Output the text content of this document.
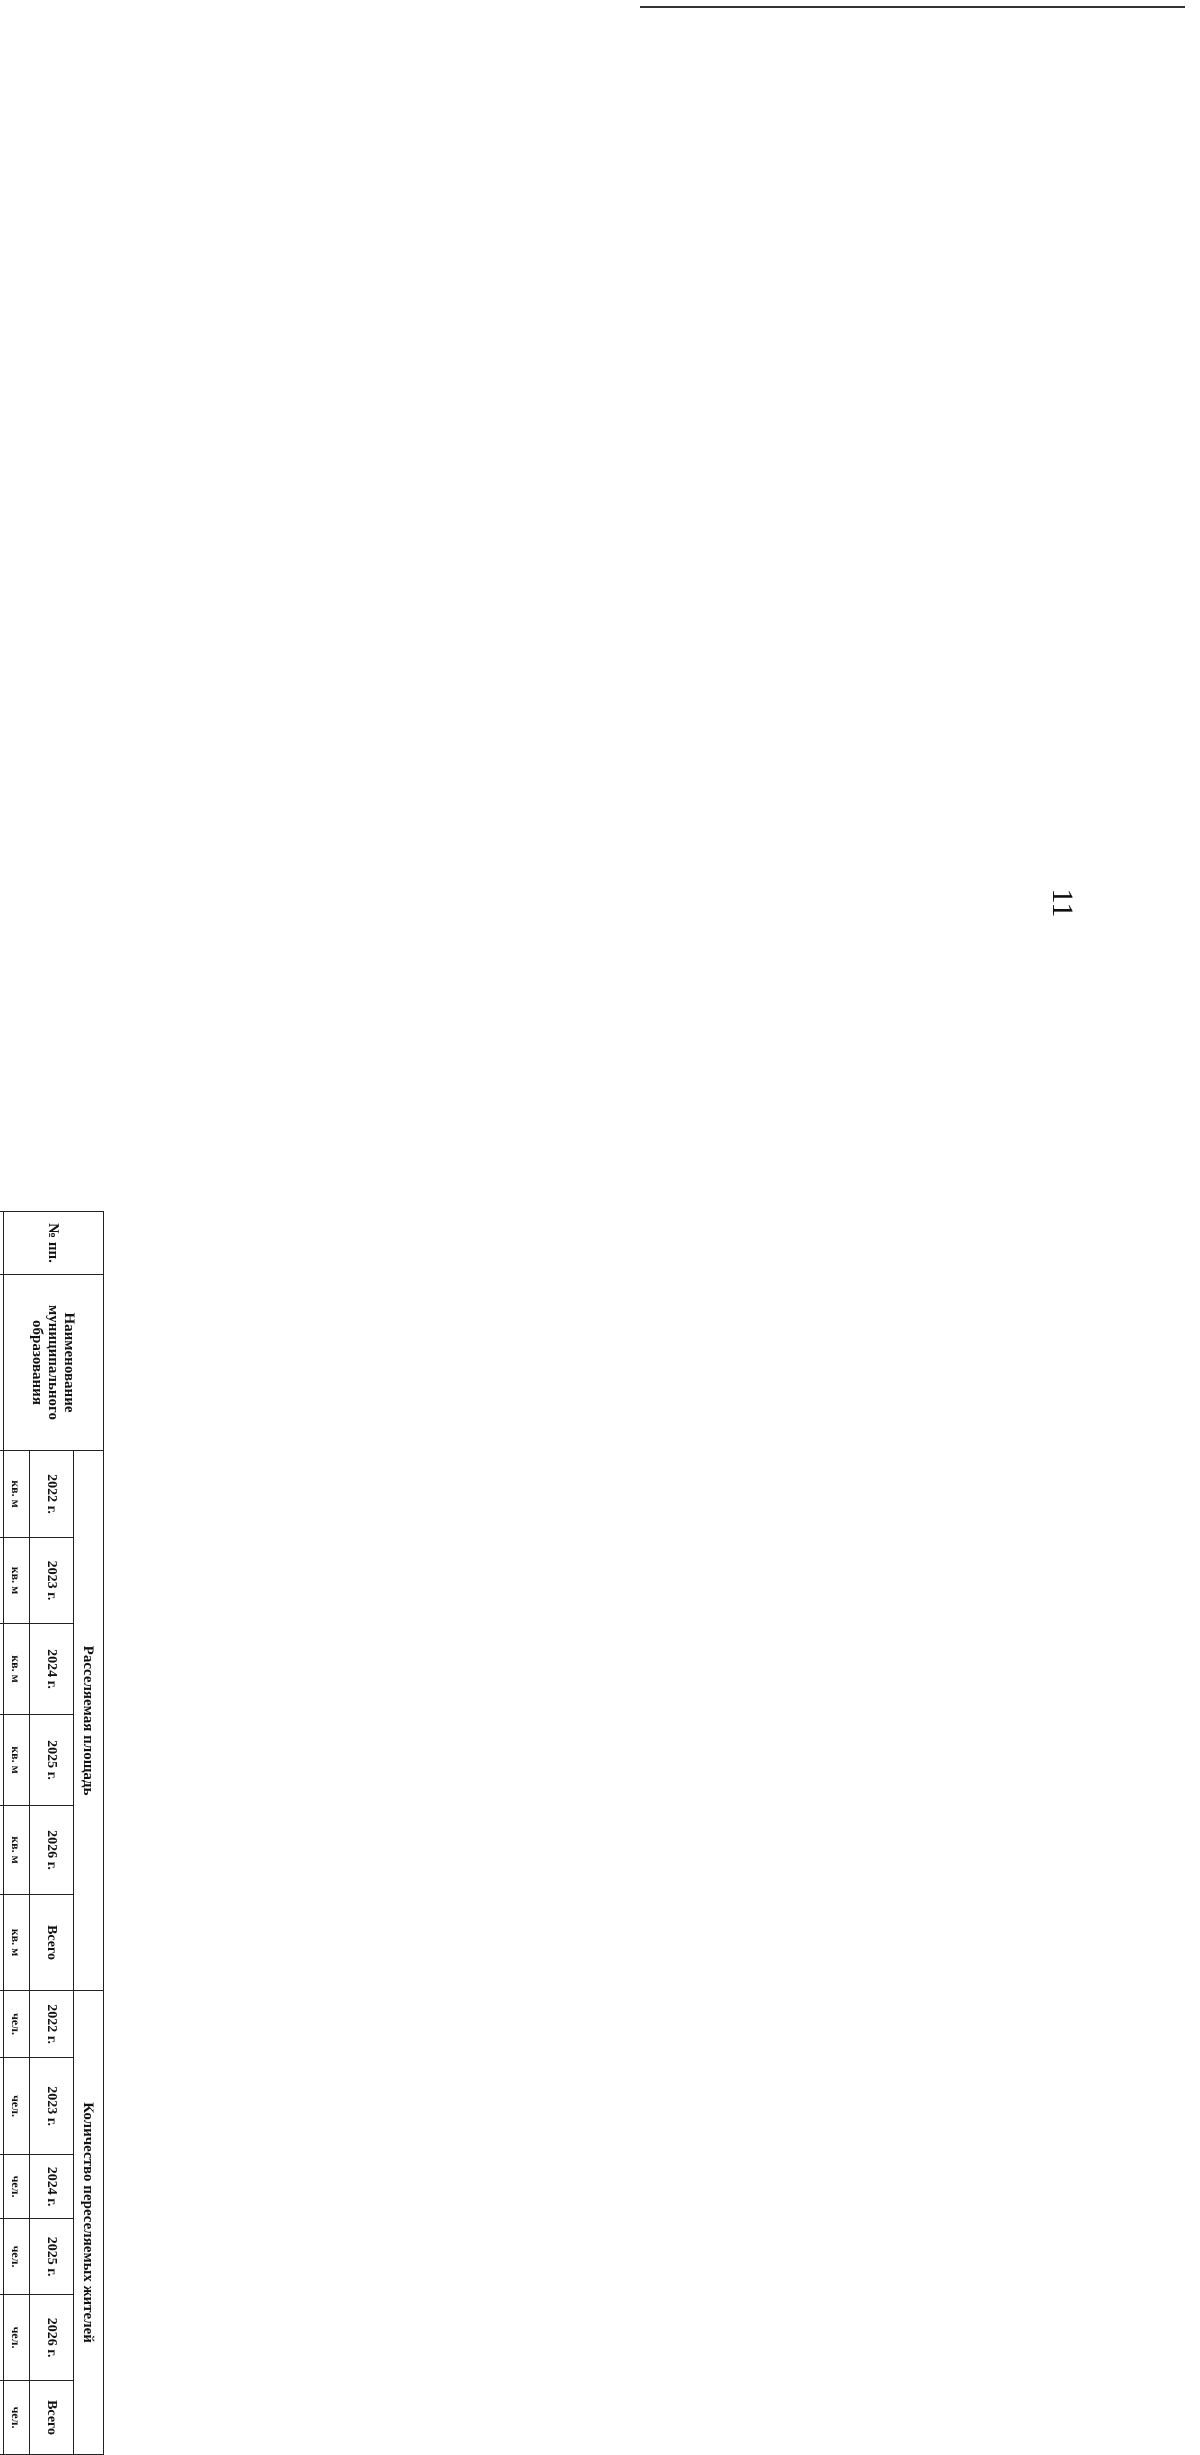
11
№ пп.	Наименование муниципального образования	Расселяемая площадь						Количество переселяемых жителей					
		2022 г.	2023 г.	2024 г.	2025 г.	2026 г.	Всего	2022 г.	2023 г.	2024 г.	2025 г.	2026 г.	Всего
		кв. м	кв. м	кв. м	кв. м	кв. м	кв. м	чел.	чел.	чел.	чел.	чел.	чел.
